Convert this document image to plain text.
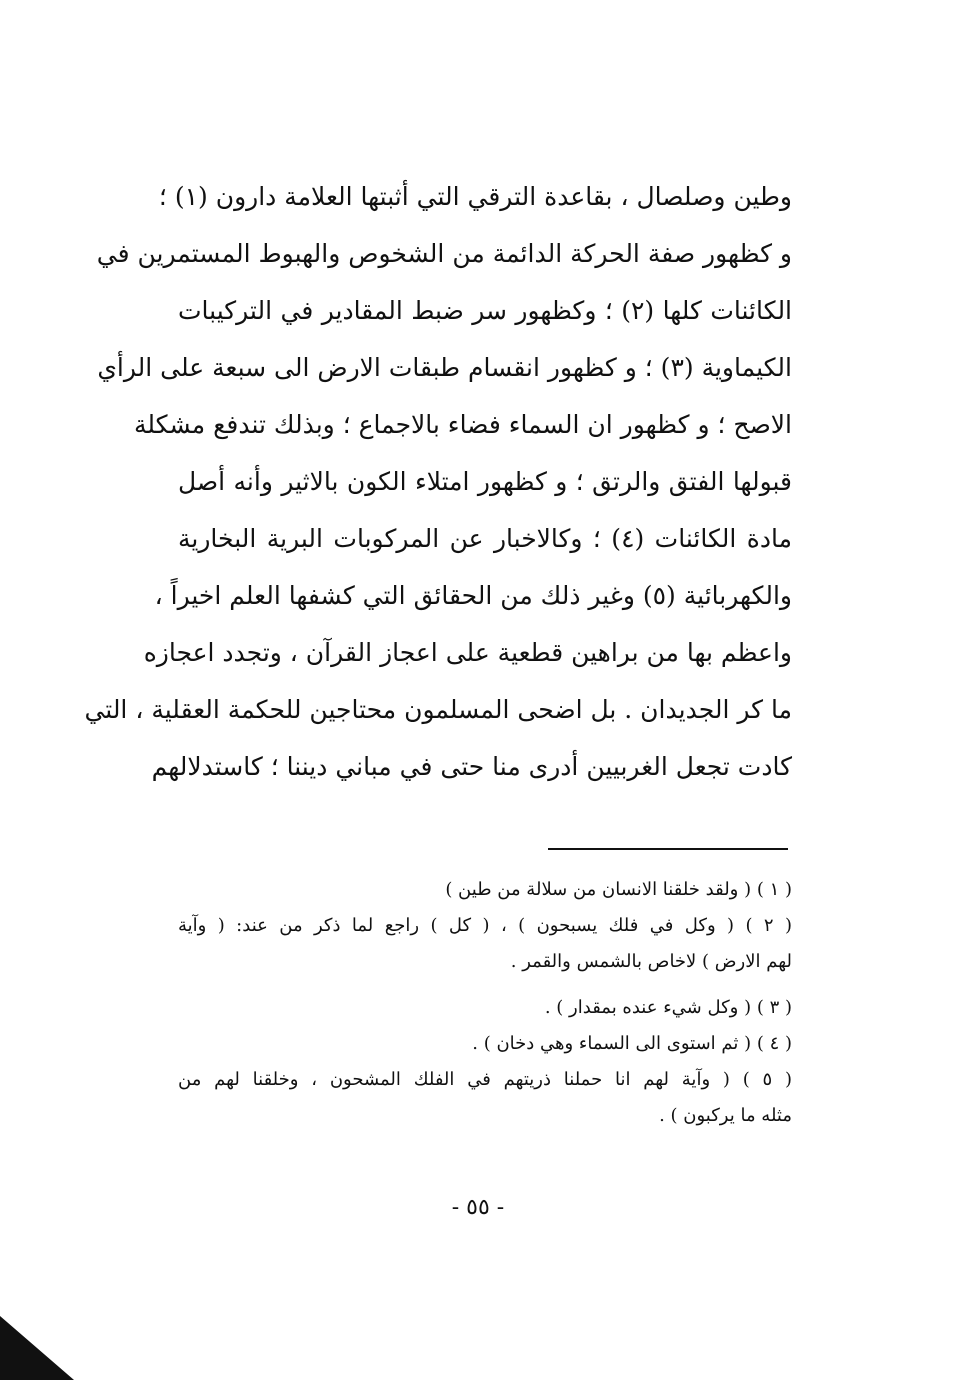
وطين وصلصال ، بقاعدة الترقي التي أثبتها العلامة دارون (١) ؛
و كظهور صفة الحركة الدائمة من الشخوص والهبوط المستمرين في
الكائنات كلها (٢) ؛ وكظهور سر ضبط المقادير في التركيبات
الكيماوية (٣) ؛ و كظهور انقسام طبقات الارض الى سبعة على الرأي
الاصح ؛ و كظهور ان السماء فضاء بالاجماع ؛ وبذلك تندفع مشكلة
قبولها الفتق والرتق ؛ و كظهور امتلاء الكون بالاثير وأنه أصل
مادة الكائنات (٤) ؛ وكالاخبار عن المركوبات البرية البخارية
والكهربائية (٥) وغير ذلك من الحقائق التي كشفها العلم اخيراً ،
واعظم بها من براهين قطعية على اعجاز القرآن ، وتجدد اعجازه
ما كر الجديدان . بل اضحى المسلمون محتاجين للحكمة العقلية ، التي
كادت تجعل الغربيين أدرى منا حتى في مباني ديننا ؛ كاستدلالهم
( ١ ) ( ولقد خلقنا الانسان من سلالة من طين )
( ٢ ) ( وكل في فلك يسبحون ) ، ( كل ) راجع لما ذكر من عند: ( وآية
لهم الارض ) لاخاص بالشمس والقمر .
( ٣ ) ( وكل شيء عنده بمقدار ) .
( ٤ ) ( ثم استوى الى السماء وهي دخان ) .
( ٥ ) ( وآية لهم انا حملنا ذريتهم في الفلك المشحون ، وخلقنا لهم من
مثله ما يركبون ) .
- ٥٥ -
